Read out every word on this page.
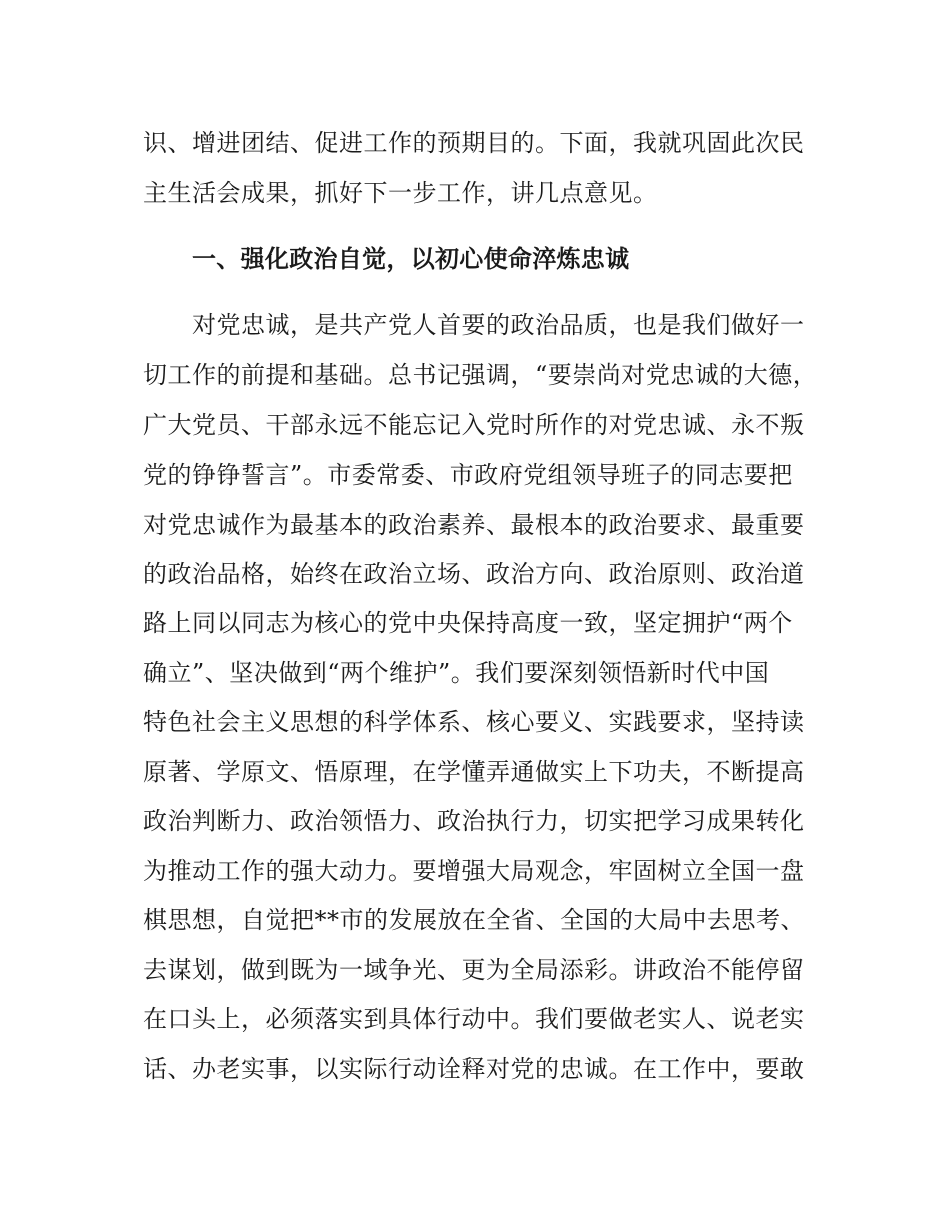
识、增进团结、促进工作的预期目的。下面，我就巩固此次民
主生活会成果，抓好下一步工作，讲几点意见。
一、强化政治自觉，以初心使命淬炼忠诚
对党忠诚，是共产党人首要的政治品质，也是我们做好一
切工作的前提和基础。总书记强调，“要崇尚对党忠诚的大德，
广大党员、干部永远不能忘记入党时所作的对党忠诚、永不叛
党的铮铮誓言”。市委常委、市政府党组领导班子的同志要把
对党忠诚作为最基本的政治素养、最根本的政治要求、最重要
的政治品格，始终在政治立场、政治方向、政治原则、政治道
路上同以同志为核心的党中央保持高度一致，坚定拥护“两个
确立”、坚决做到“两个维护”。我们要深刻领悟新时代中国
特色社会主义思想的科学体系、核心要义、实践要求，坚持读
原著、学原文、悟原理，在学懂弄通做实上下功夫，不断提高
政治判断力、政治领悟力、政治执行力，切实把学习成果转化
为推动工作的强大动力。要增强大局观念，牢固树立全国一盘
棋思想，自觉把**市的发展放在全省、全国的大局中去思考、
去谋划，做到既为一域争光、更为全局添彩。讲政治不能停留
在口头上，必须落实到具体行动中。我们要做老实人、说老实
话、办老实事，以实际行动诠释对党的忠诚。在工作中，要敢
